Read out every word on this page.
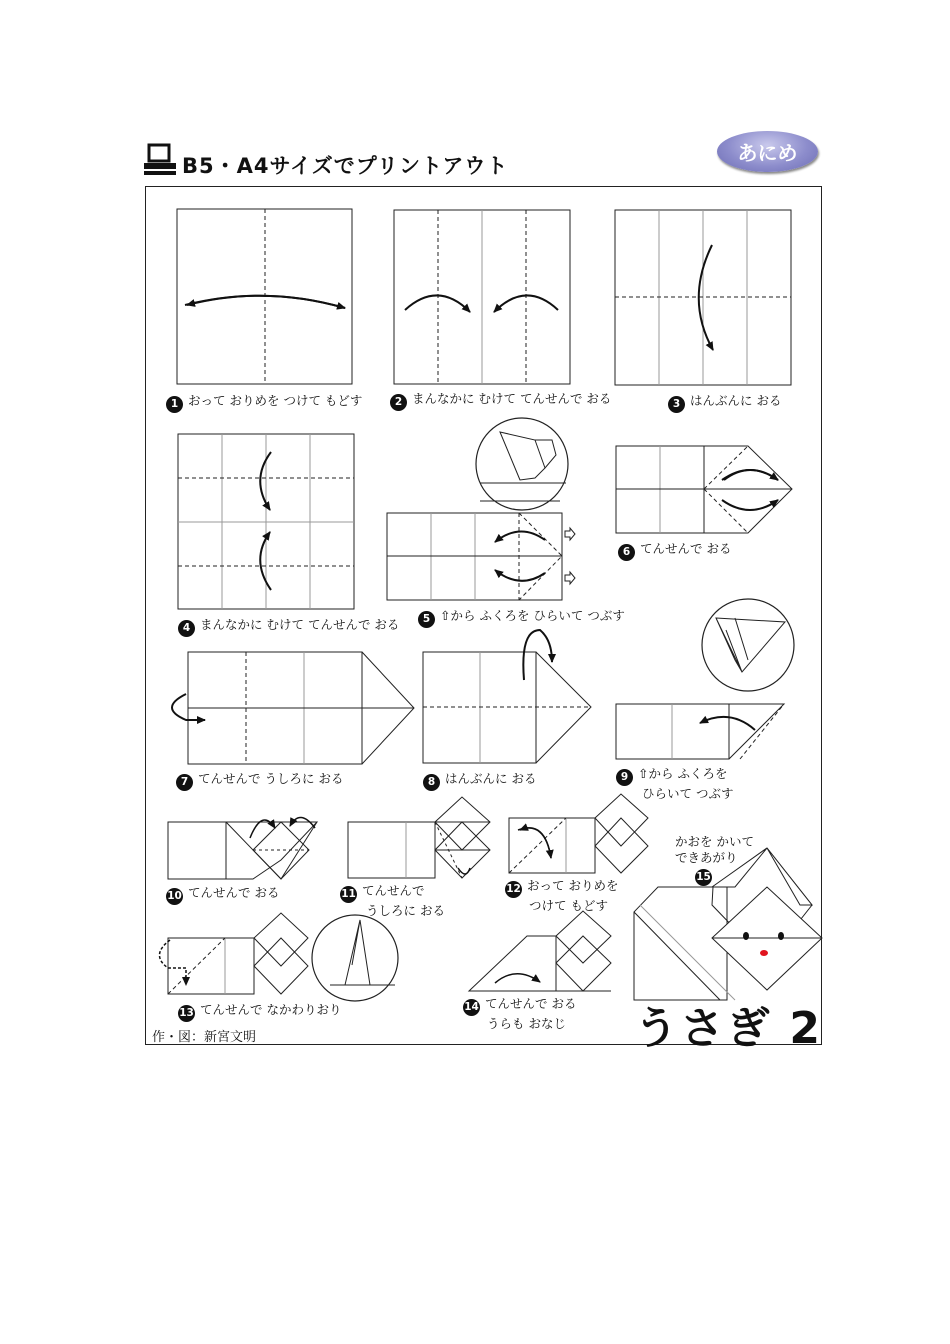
B5・A4サイズでプリントアウト
あにめ
1 おって おりめを つけて もどす	2 まんなかに むけて てんせんで おる	3 はんぶんに おる
4 まんなかに むけて てんせんで おる	5 ⇧から ふくろを ひらいて つぶす
6 てんせんで おる
7 てんせんで うしろに おる	8 はんぶんに おる	9 ⇧から ふくろを
ひらいて つぶす
10 てんせんで おる	11 てんせんで
うしろに おる
12 おって おりめを
つけて もどす
13 てんせんで なかわりおり	14 てんせんで おる
うらも おなじ
かおを かいて
できあがり
15
うさぎ 2
作・図：新宮文明
